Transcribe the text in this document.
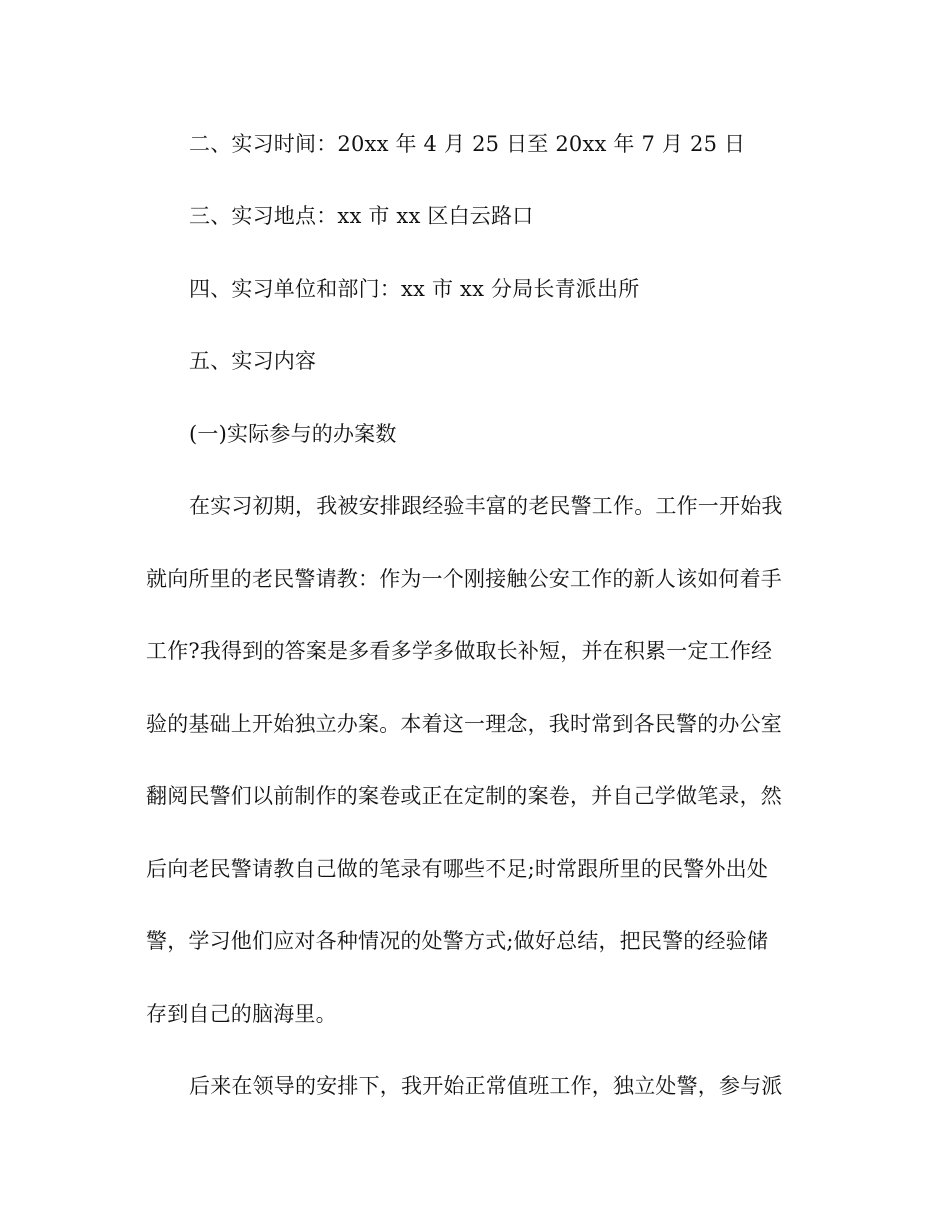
二、实习时间：20xx 年 4 月 25 日至 20xx 年 7 月 25 日
三、实习地点：xx 市 xx 区白云路口
四、实习单位和部门：xx 市 xx 分局长青派出所
五、实习内容
(一)实际参与的办案数
在实习初期，我被安排跟经验丰富的老民警工作。工作一开始我
就向所里的老民警请教：作为一个刚接触公安工作的新人该如何着手
工作?我得到的答案是多看多学多做取长补短，并在积累一定工作经
验的基础上开始独立办案。本着这一理念，我时常到各民警的办公室
翻阅民警们以前制作的案卷或正在定制的案卷，并自己学做笔录，然
后向老民警请教自己做的笔录有哪些不足;时常跟所里的民警外出处
警，学习他们应对各种情况的处警方式;做好总结，把民警的经验储
存到自己的脑海里。
后来在领导的安排下，我开始正常值班工作，独立处警，参与派
